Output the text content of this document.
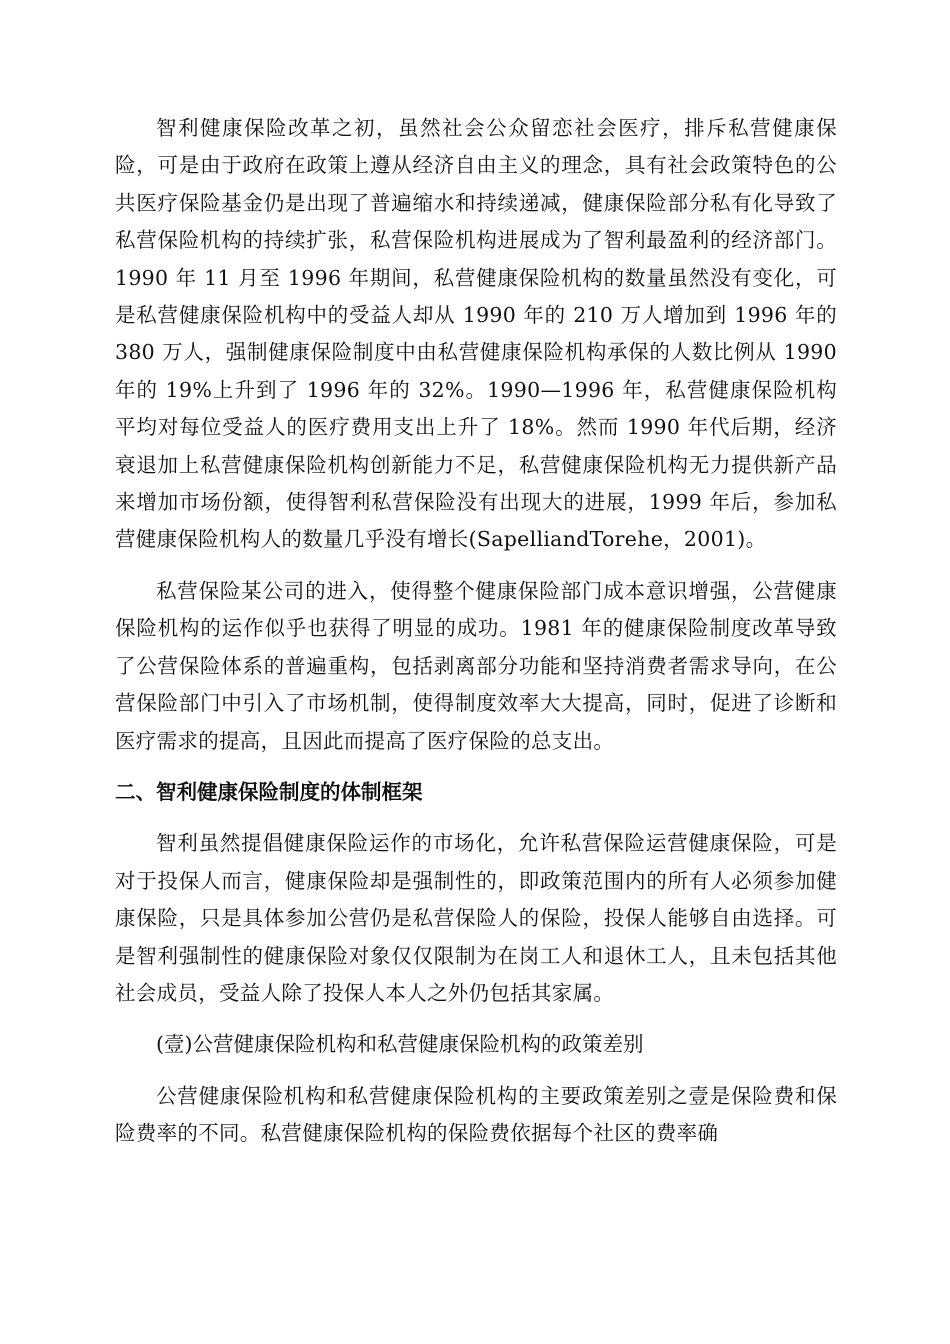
智利健康保险改革之初，虽然社会公众留恋社会医疗，排斥私营健康保险，可是由于政府在政策上遵从经济自由主义的理念，具有社会政策特色的公共医疗保险基金仍是出现了普遍缩水和持续递减，健康保险部分私有化导致了私营保险机构的持续扩张，私营保险机构进展成为了智利最盈利的经济部门。1990 年 11 月至 1996 年期间，私营健康保险机构的数量虽然没有变化，可是私营健康保险机构中的受益人却从 1990 年的 210 万人增加到 1996 年的 380 万人，强制健康保险制度中由私营健康保险机构承保的人数比例从 1990 年的 19%上升到了 1996 年的 32%。1990—1996 年，私营健康保险机构平均对每位受益人的医疗费用支出上升了 18%。然而 1990 年代后期，经济衰退加上私营健康保险机构创新能力不足，私营健康保险机构无力提供新产品来增加市场份额，使得智利私营保险没有出现大的进展，1999 年后，参加私营健康保险机构人的数量几乎没有增长(SapelliandTorehe，2001)。

私营保险某公司的进入，使得整个健康保险部门成本意识增强，公营健康保险机构的运作似乎也获得了明显的成功。1981 年的健康保险制度改革导致了公营保险体系的普遍重构，包括剥离部分功能和坚持消费者需求导向，在公营保险部门中引入了市场机制，使得制度效率大大提高，同时，促进了诊断和医疗需求的提高，且因此而提高了医疗保险的总支出。

二、智利健康保险制度的体制框架

智利虽然提倡健康保险运作的市场化，允许私营保险运营健康保险，可是对于投保人而言，健康保险却是强制性的，即政策范围内的所有人必须参加健康保险，只是具体参加公营仍是私营保险人的保险，投保人能够自由选择。可是智利强制性的健康保险对象仅仅限制为在岗工人和退休工人，且未包括其他社会成员，受益人除了投保人本人之外仍包括其家属。

(壹)公营健康保险机构和私营健康保险机构的政策差别

公营健康保险机构和私营健康保险机构的主要政策差别之壹是保险费和保险费率的不同。私营健康保险机构的保险费依据每个社区的费率确
